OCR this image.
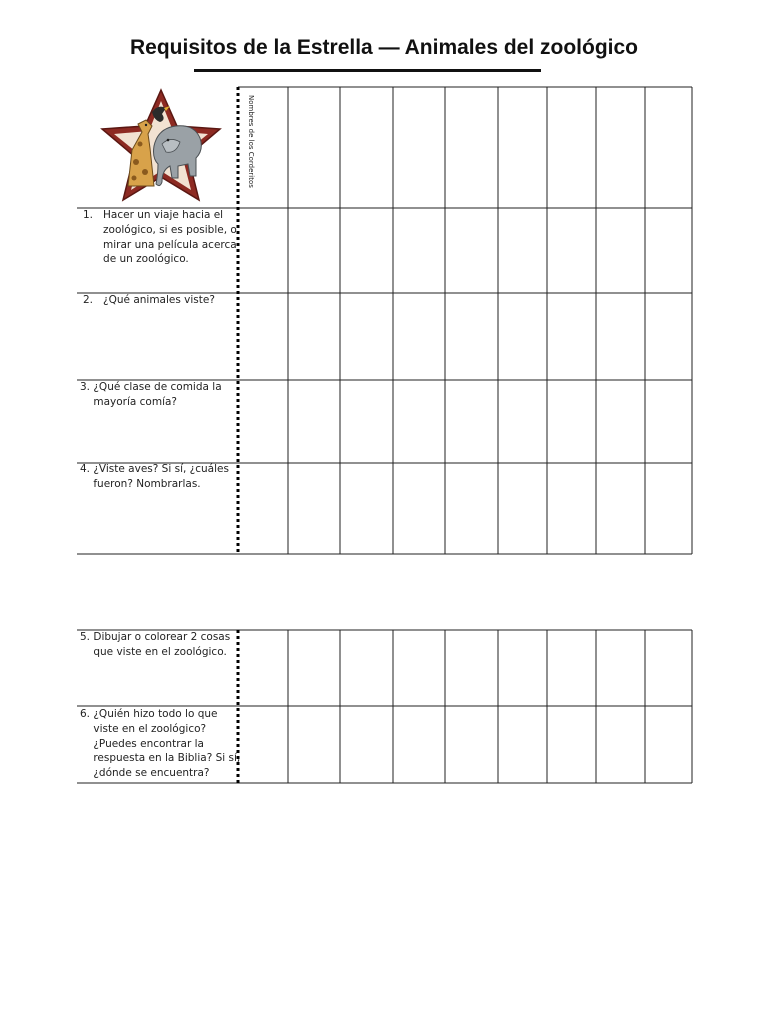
Requisitos de la Estrella — Animales del zoológico
Nombres de los Corderitos
1.   Hacer un viaje hacia el
zoológico, si es posible, o
mirar una película acerca
de un zoológico.
2.   ¿Qué animales viste?
3. ¿Qué clase de comida la
mayoría comía?
4. ¿Viste aves? Si sí, ¿cuáles
fueron? Nombrarlas.
5. Dibujar o colorear 2 cosas
que viste en el zoológico.
6. ¿Quién hizo todo lo que
viste en el zoológico?
¿Puedes encontrar la
respuesta en la Biblia? Si sí,
¿dónde se encuentra?
